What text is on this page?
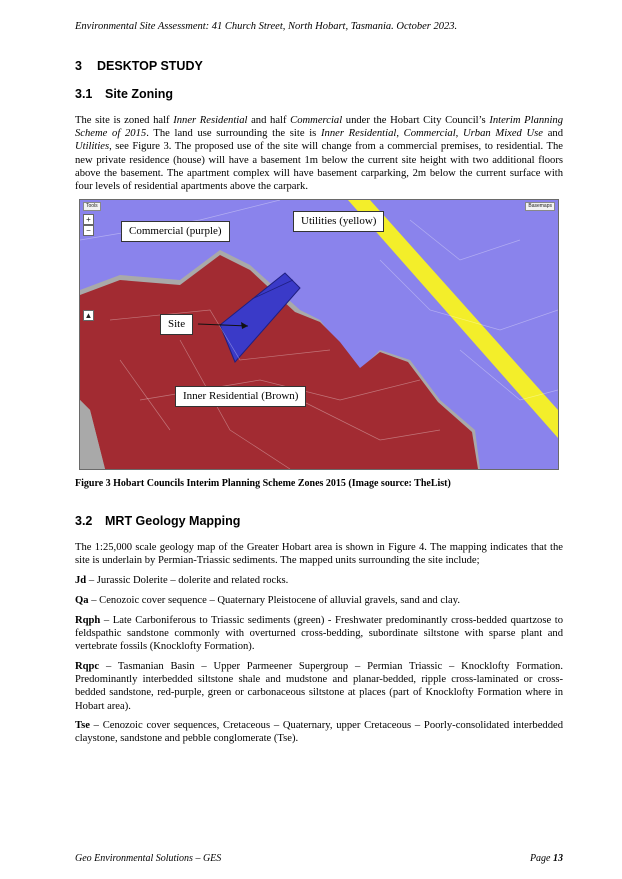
Environmental Site Assessment: 41 Church Street, North Hobart, Tasmania. October 2023.
3 DESKTOP STUDY
3.1 Site Zoning

The site is zoned half Inner Residential and half Commercial under the Hobart City Council’s Interim Planning Scheme of 2015. The land use surrounding the site is Inner Residential, Commercial, Urban Mixed Use and Utilities, see Figure 3. The proposed use of the site will change from a commercial premises, to residential. The new private residence (house) will have a basement 1m below the current site height with two additional floors above the basement. The apartment complex will have basement carparking, 2m below the current surface with four levels of residential apartments above the carpark.

Tools	Basemaps
+
−
▲
Commercial (purple)
Utilities (yellow)
Site
Inner Residential (Brown)
Figure 3 Hobart Councils Interim Planning Scheme Zones 2015 (Image source: TheList)
3.2 MRT Geology Mapping

The 1:25,000 scale geology map of the Greater Hobart area is shown in Figure 4. The mapping indicates that the site is underlain by Permian-Triassic sediments. The mapped units surrounding the site include;

Jd – Jurassic Dolerite – dolerite and related rocks.

Qa – Cenozoic cover sequence – Quaternary Pleistocene of alluvial gravels, sand and clay.

Rqph – Late Carboniferous to Triassic sediments (green) - Freshwater predominantly cross-bedded quartzose to feldspathic sandstone commonly with overturned cross-bedding, subordinate siltstone with sparse plant and vertebrate fossils (Knocklofty Formation).

Rqpc – Tasmanian Basin – Upper Parmeener Supergroup – Permian Triassic – Knocklofty Formation. Predominantly interbedded siltstone shale and mudstone and planar-bedded, ripple cross-laminated or cross-bedded sandstone, red-purple, green or carbonaceous siltstone at places (part of Knocklofty Formation where in Hobart area).

Tse – Cenozoic cover sequences, Cretaceous – Quaternary, upper Cretaceous – Poorly-consolidated interbedded claystone, sandstone and pebble conglomerate (Tse).

Geo Environmental Solutions – GES	Page 13
